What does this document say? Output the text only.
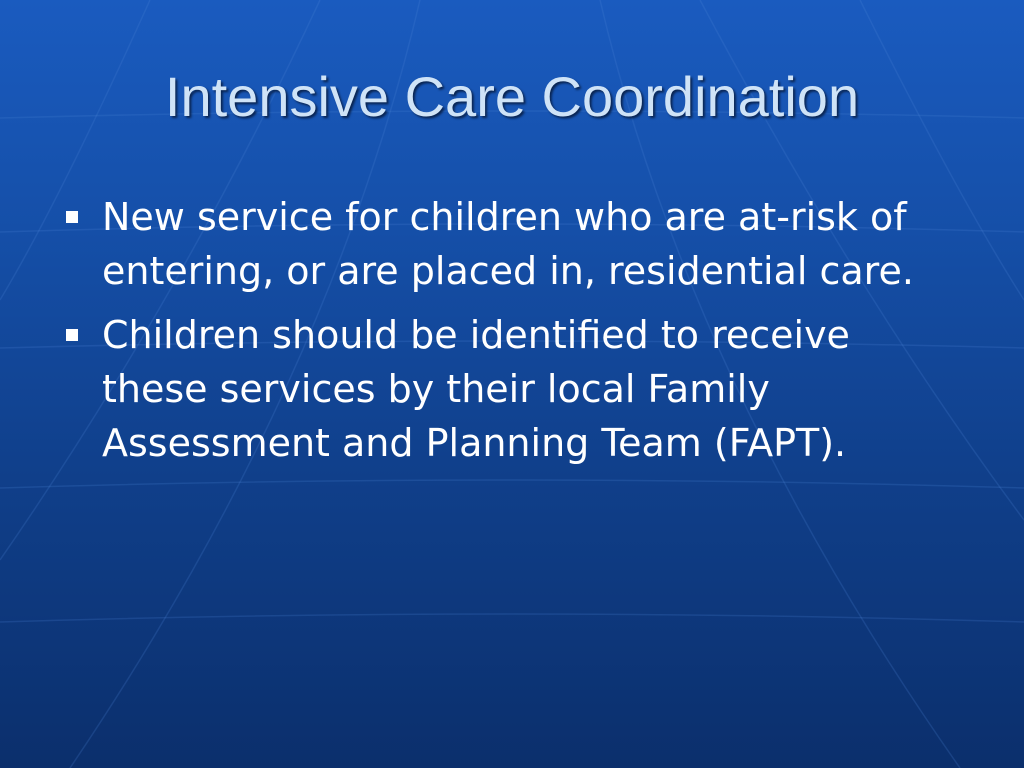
Intensive Care Coordination
New service for children who are at-risk of entering, or are placed in, residential care.
Children should be identified to receive these services by their local Family Assessment and Planning Team (FAPT).
